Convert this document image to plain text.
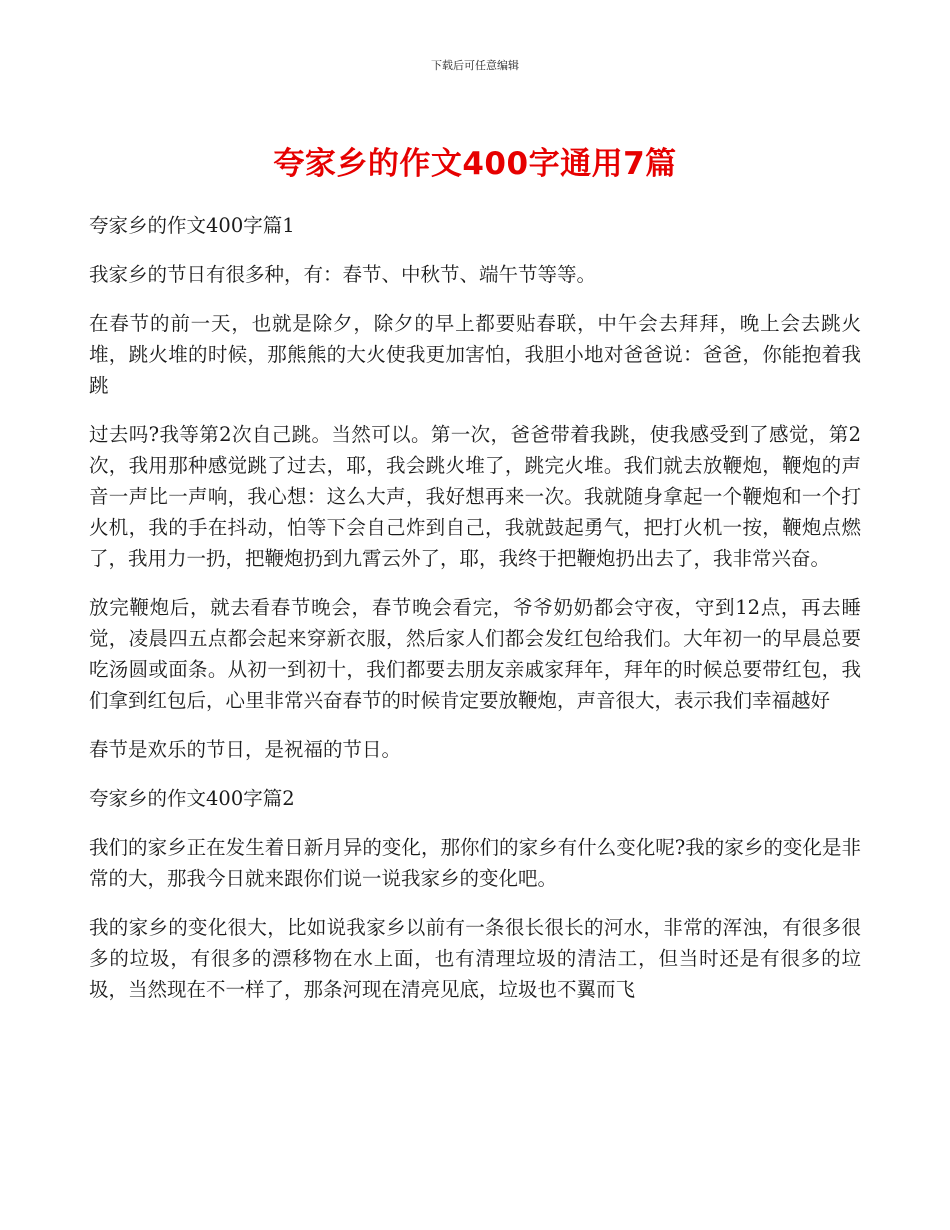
下载后可任意编辑
夸家乡的作文400字通用7篇

夸家乡的作文400字篇1

我家乡的节日有很多种，有：春节、中秋节、端午节等等。

在春节的前一天，也就是除夕，除夕的早上都要贴春联，中午会去拜拜，晚上会去跳火堆，跳火堆的时候，那熊熊的大火使我更加害怕，我胆小地对爸爸说：爸爸，你能抱着我跳

过去吗?我等第2次自己跳。当然可以。第一次，爸爸带着我跳，使我感受到了感觉，第2次，我用那种感觉跳了过去，耶，我会跳火堆了，跳完火堆。我们就去放鞭炮，鞭炮的声音一声比一声响，我心想：这么大声，我好想再来一次。我就随身拿起一个鞭炮和一个打火机，我的手在抖动，怕等下会自己炸到自己，我就鼓起勇气，把打火机一按，鞭炮点燃了，我用力一扔，把鞭炮扔到九霄云外了，耶，我终于把鞭炮扔出去了，我非常兴奋。

放完鞭炮后，就去看春节晚会，春节晚会看完，爷爷奶奶都会守夜，守到12点，再去睡觉，凌晨四五点都会起来穿新衣服，然后家人们都会发红包给我们。大年初一的早晨总要吃汤圆或面条。从初一到初十，我们都要去朋友亲戚家拜年，拜年的时候总要带红包，我们拿到红包后，心里非常兴奋春节的时候肯定要放鞭炮，声音很大，表示我们幸福越好

春节是欢乐的节日，是祝福的节日。

夸家乡的作文400字篇2

我们的家乡正在发生着日新月异的变化，那你们的家乡有什么变化呢?我的家乡的变化是非常的大，那我今日就来跟你们说一说我家乡的变化吧。

我的家乡的变化很大，比如说我家乡以前有一条很长很长的河水，非常的浑浊，有很多很多的垃圾，有很多的漂移物在水上面，也有清理垃圾的清洁工，但当时还是有很多的垃圾，当然现在不一样了，那条河现在清亮见底，垃圾也不翼而飞
